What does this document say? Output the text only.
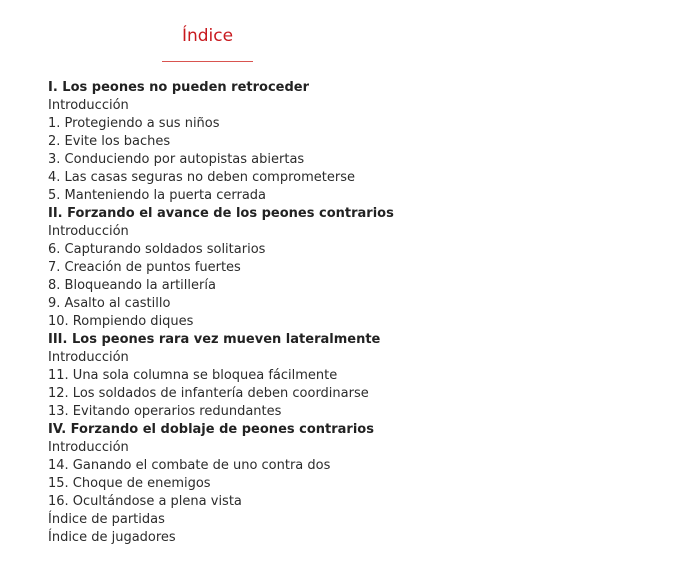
Índice
I. Los peones no pueden retroceder
Introducción
1. Protegiendo a sus niños
2. Evite los baches
3. Conduciendo por autopistas abiertas
4. Las casas seguras no deben comprometerse
5. Manteniendo la puerta cerrada
II. Forzando el avance de los peones contrarios
Introducción
6. Capturando soldados solitarios
7. Creación de puntos fuertes
8. Bloqueando la artillería
9. Asalto al castillo
10. Rompiendo diques
III. Los peones rara vez mueven lateralmente
Introducción
11. Una sola columna se bloquea fácilmente
12. Los soldados de infantería deben coordinarse
13. Evitando operarios redundantes
IV. Forzando el doblaje de peones contrarios
Introducción
14. Ganando el combate de uno contra dos
15. Choque de enemigos
16. Ocultándose a plena vista
Índice de partidas
Índice de jugadores
